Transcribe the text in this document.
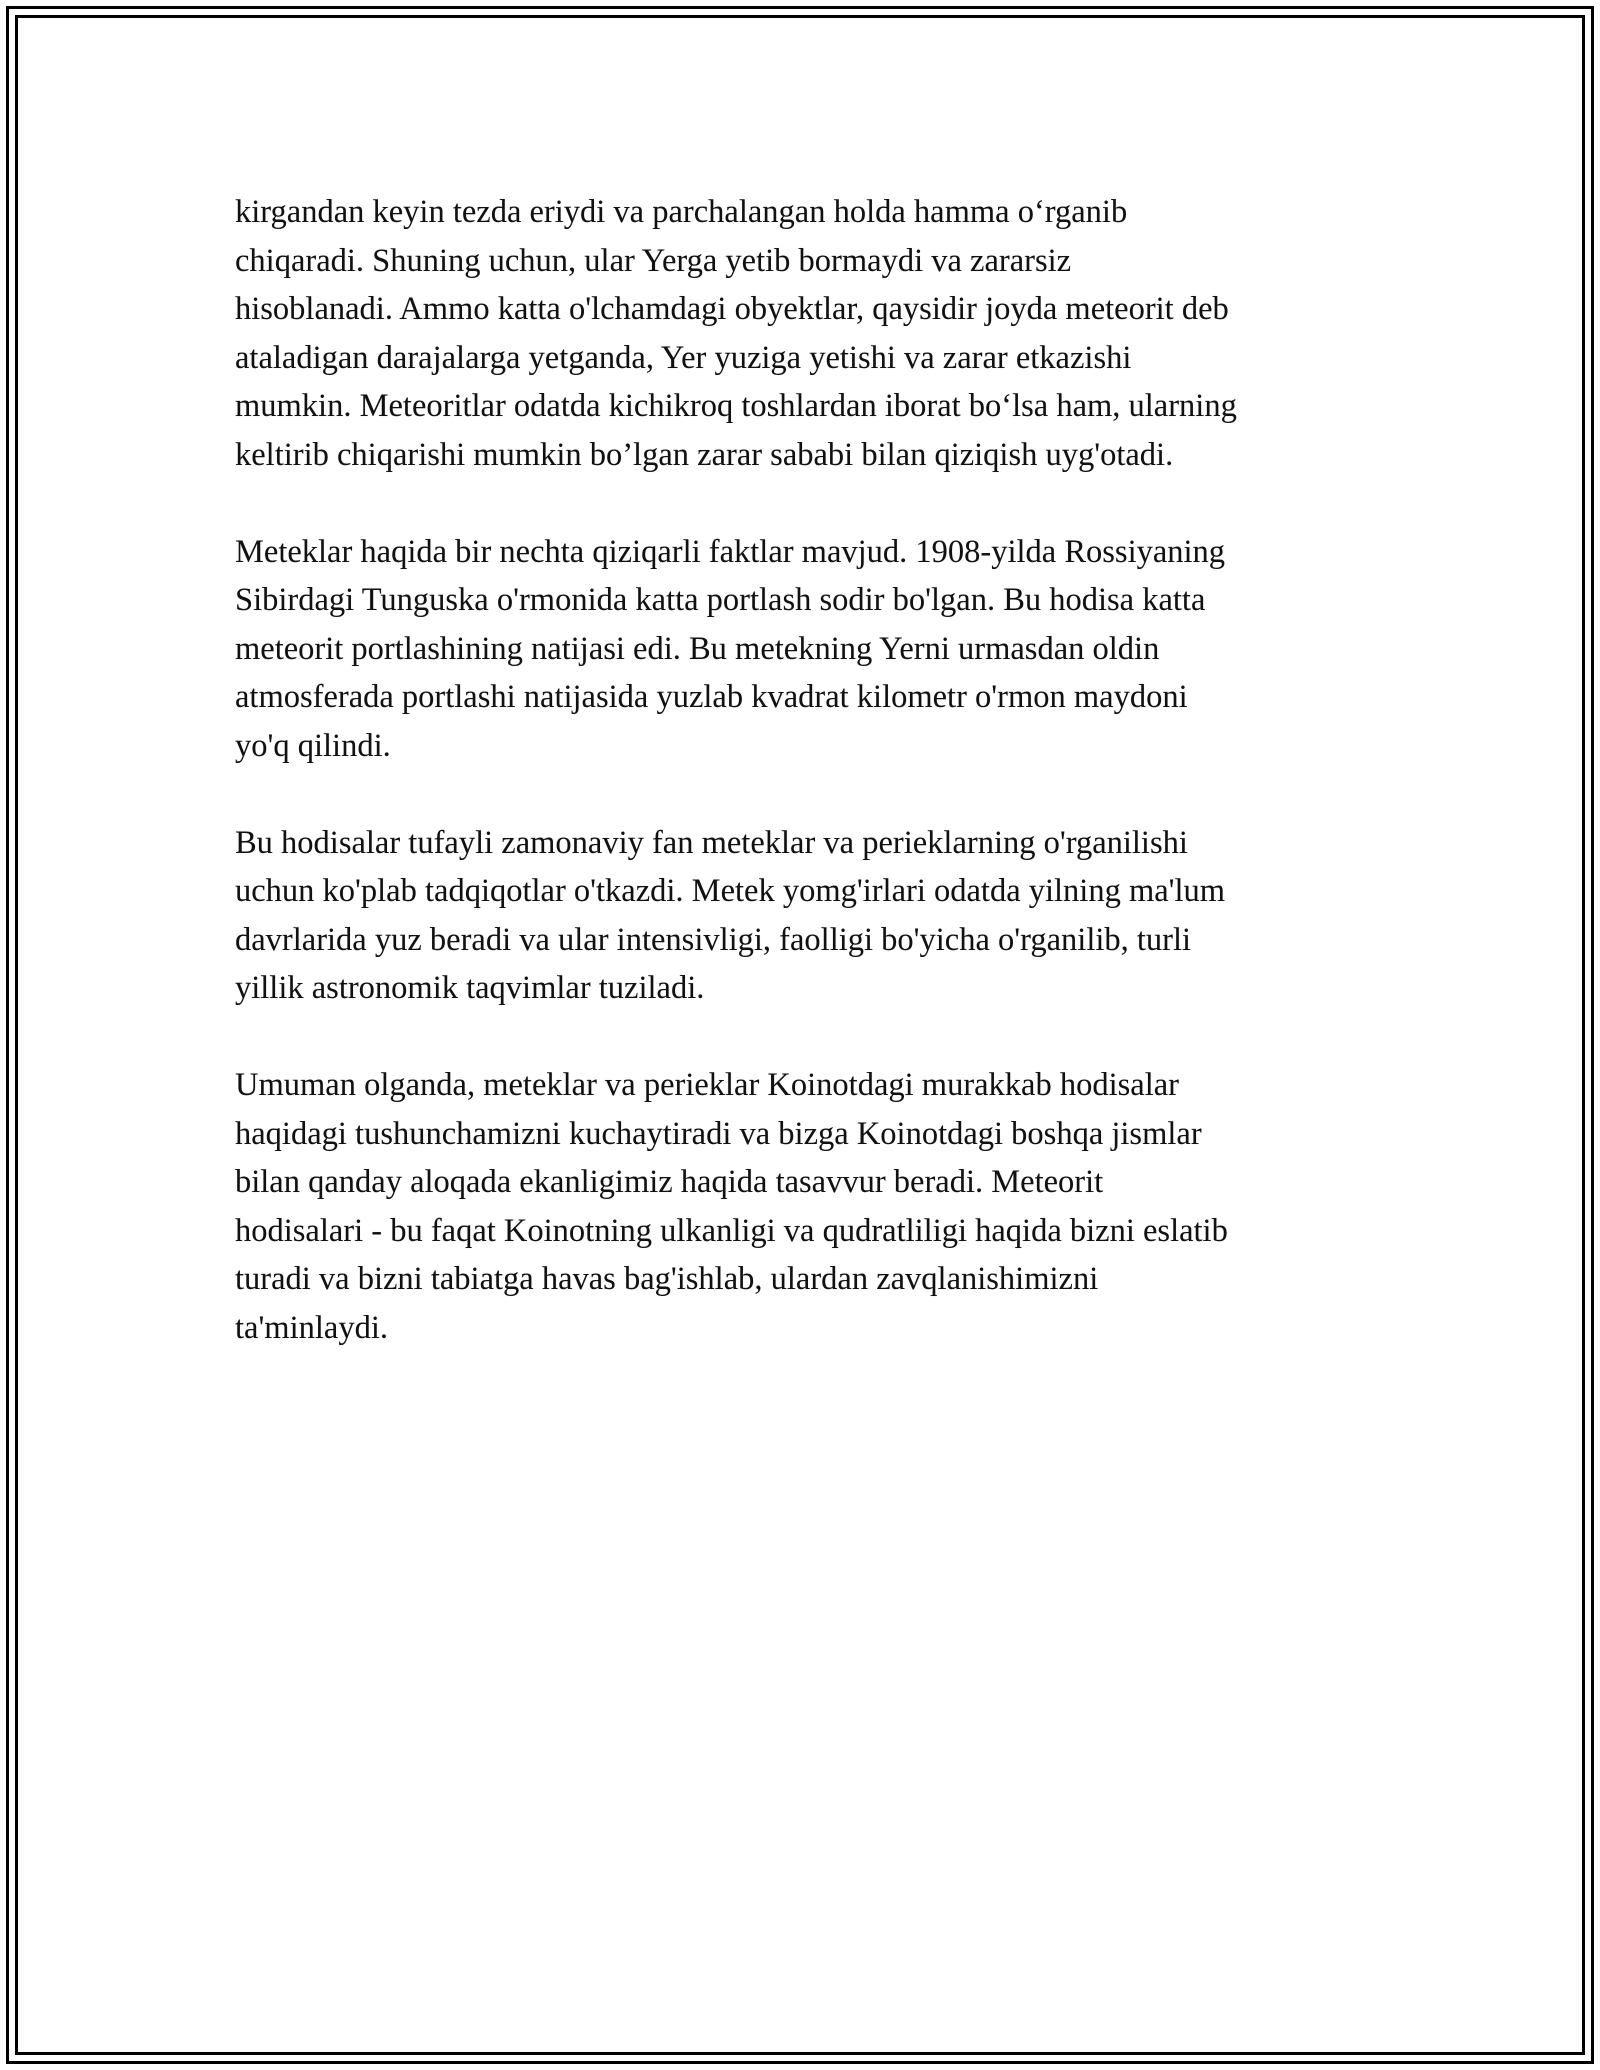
kirgandan keyin tezda eriydi va parchalangan holda hamma o‘rganib
chiqaradi. Shuning uchun, ular Yerga yetib bormaydi va zararsiz
hisoblanadi. Ammo katta o'lchamdagi obyektlar, qaysidir joyda meteorit deb
ataladigan darajalarga yetganda, Yer yuziga yetishi va zarar etkazishi
mumkin. Meteoritlar odatda kichikroq toshlardan iborat bo‘lsa ham, ularning
keltirib chiqarishi mumkin bo’lgan zarar sababi bilan qiziqish uyg'otadi.

Meteklar haqida bir nechta qiziqarli faktlar mavjud. 1908-yilda Rossiyaning
Sibirdagi Tunguska o'rmonida katta portlash sodir bo'lgan. Bu hodisa katta
meteorit portlashining natijasi edi. Bu metekning Yerni urmasdan oldin
atmosferada portlashi natijasida yuzlab kvadrat kilometr o'rmon maydoni
yo'q qilindi.

Bu hodisalar tufayli zamonaviy fan meteklar va perieklarning o'rganilishi
uchun ko'plab tadqiqotlar o'tkazdi. Metek yomg'irlari odatda yilning ma'lum
davrlarida yuz beradi va ular intensivligi, faolligi bo'yicha o'rganilib, turli
yillik astronomik taqvimlar tuziladi.

Umuman olganda, meteklar va perieklar Koinotdagi murakkab hodisalar
haqidagi tushunchamizni kuchaytiradi va bizga Koinotdagi boshqa jismlar
bilan qanday aloqada ekanligimiz haqida tasavvur beradi. Meteorit
hodisalari - bu faqat Koinotning ulkanligi va qudratliligi haqida bizni eslatib
turadi va bizni tabiatga havas bag'ishlab, ulardan zavqlanishimizni
ta'minlaydi.
